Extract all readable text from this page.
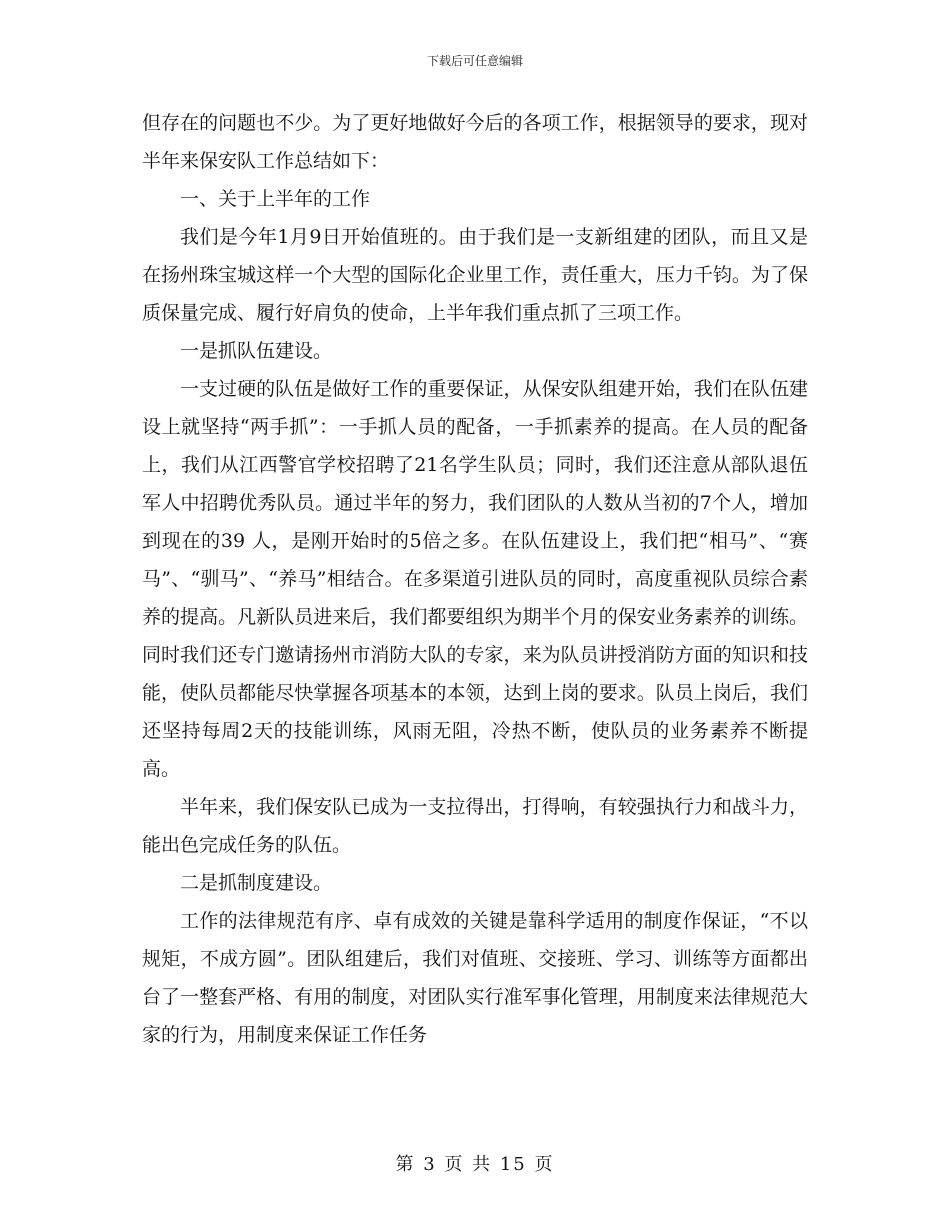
下载后可任意编辑

但存在的问题也不少。为了更好地做好今后的各项工作，根据领导的要求，现对半年来保安队工作总结如下：

一、关于上半年的工作

我们是今年1月9日开始值班的。由于我们是一支新组建的团队，而且又是在扬州珠宝城这样一个大型的国际化企业里工作，责任重大，压力千钧。为了保质保量完成、履行好肩负的使命，上半年我们重点抓了三项工作。

一是抓队伍建设。

一支过硬的队伍是做好工作的重要保证，从保安队组建开始，我们在队伍建设上就坚持“两手抓”：一手抓人员的配备，一手抓素养的提高。在人员的配备上，我们从江西警官学校招聘了21名学生队员；同时，我们还注意从部队退伍军人中招聘优秀队员。通过半年的努力，我们团队的人数从当初的7个人，增加到现在的39 人，是刚开始时的5倍之多。在队伍建设上，我们把“相马”、“赛马”、“驯马”、“养马”相结合。在多渠道引进队员的同时，高度重视队员综合素养的提高。凡新队员进来后，我们都要组织为期半个月的保安业务素养的训练。同时我们还专门邀请扬州市消防大队的专家，来为队员讲授消防方面的知识和技能，使队员都能尽快掌握各项基本的本领，达到上岗的要求。队员上岗后，我们还坚持每周2天的技能训练，风雨无阻，冷热不断，使队员的业务素养不断提高。

半年来，我们保安队已成为一支拉得出，打得响，有较强执行力和战斗力，能出色完成任务的队伍。

二是抓制度建设。

工作的法律规范有序、卓有成效的关键是靠科学适用的制度作保证，“不以规矩，不成方圆”。团队组建后，我们对值班、交接班、学习、训练等方面都出台了一整套严格、有用的制度，对团队实行准军事化管理，用制度来法律规范大家的行为，用制度来保证工作任务

第 3 页 共 15 页
